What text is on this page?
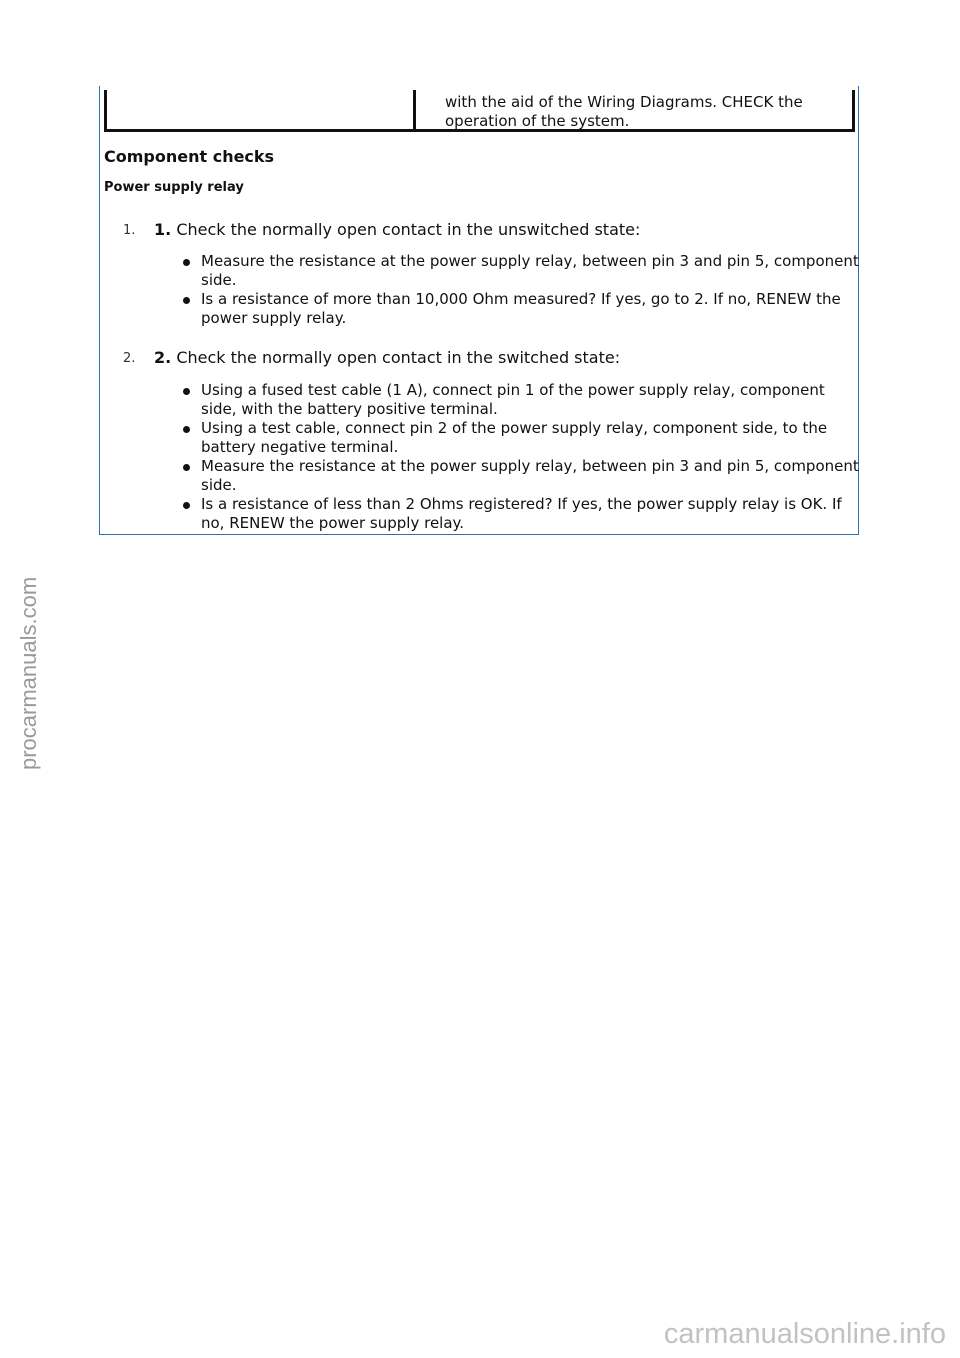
with the aid of the Wiring Diagrams. CHECK the operation of the system.
Component checks
Power supply relay
1. 1. Check the normally open contact in the unswitched state:
Measure the resistance at the power supply relay, between pin 3 and pin 5, component side.
Is a resistance of more than 10,000 Ohm measured? If yes, go to 2. If no, RENEW the power supply relay.
2. 2. Check the normally open contact in the switched state:
Using a fused test cable (1 A), connect pin 1 of the power supply relay, component side, with the battery positive terminal.
Using a test cable, connect pin 2 of the power supply relay, component side, to the battery negative terminal.
Measure the resistance at the power supply relay, between pin 3 and pin 5, component side.
Is a resistance of less than 2 Ohms registered? If yes, the power supply relay is OK. If no, RENEW the power supply relay.
procarmanuals.com
carmanualsonline.info
